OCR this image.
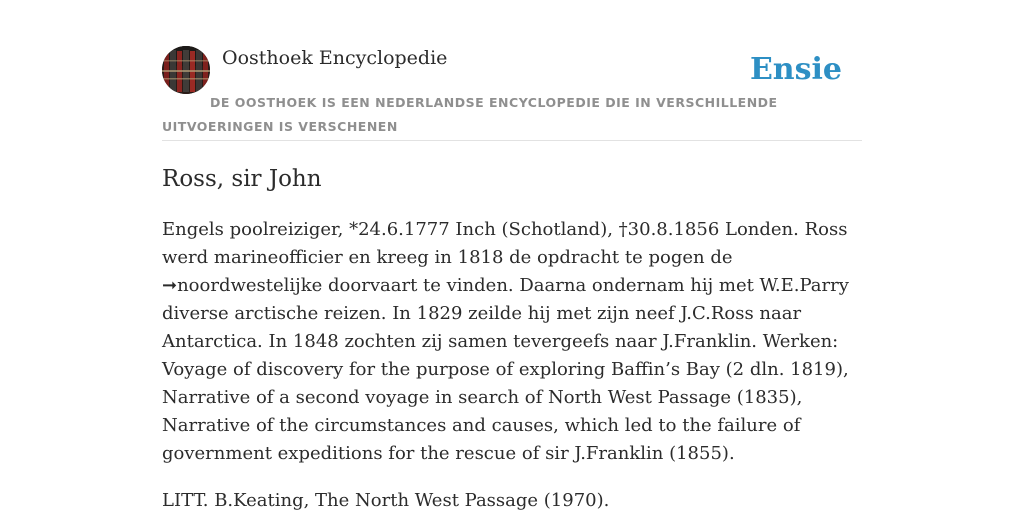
Oosthoek Encyclopedie	Ensie
DE OOSTHOEK IS EEN NEDERLANDSE ENCYCLOPEDIE DIE IN VERSCHILLENDE UITVOERINGEN IS VERSCHENEN
Ross, sir John

Engels poolreiziger, *24.6.1777 Inch (Schotland), †30.8.1856 Londen. Ross werd marineofficier en kreeg in 1818 de opdracht te pogen de ➞noordwestelijke doorvaart te vinden. Daarna ondernam hij met W.E.Parry diverse arctische reizen. In 1829 zeilde hij met zijn neef J.C.Ross naar Antarctica. In 1848 zochten zij samen tevergeefs naar J.Franklin. Werken: Voyage of discovery for the purpose of exploring Baffin’s Bay (2 dln. 1819), Narrative of a second voyage in search of North West Passage (1835), Narrative of the circumstances and causes, which led to the failure of government expeditions for the rescue of sir J.Franklin (1855).

LITT. B.Keating, The North West Passage (1970).
